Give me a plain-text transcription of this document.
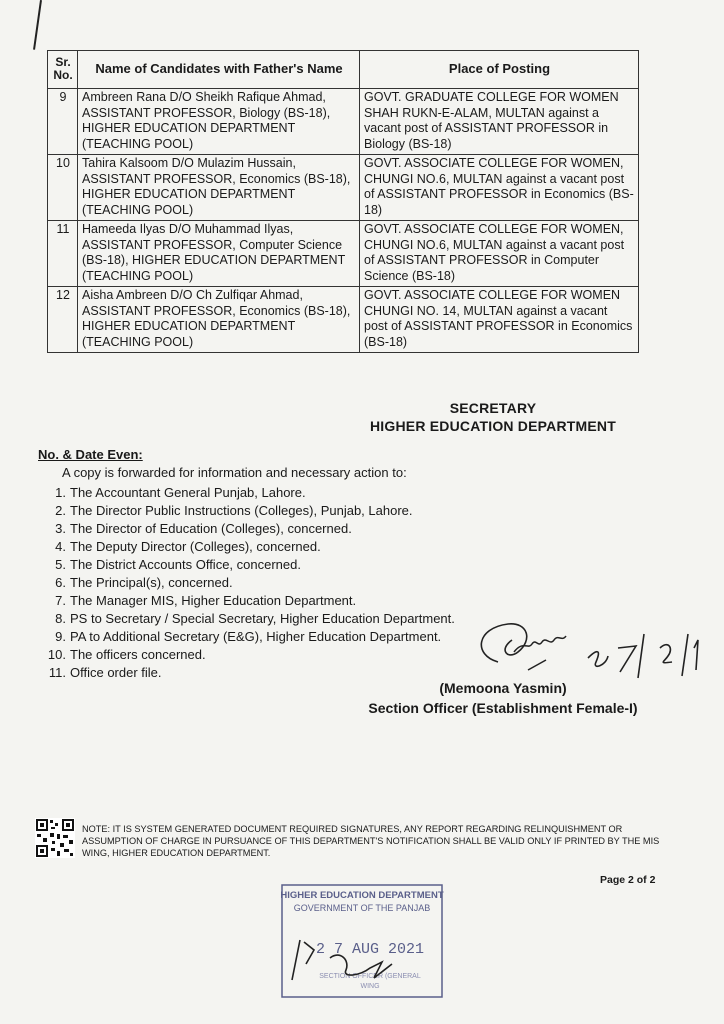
Sr.
No.	Name of Candidates with Father's Name	Place of Posting
9	Ambreen Rana D/O Sheikh Rafique Ahmad,
ASSISTANT PROFESSOR, Biology (BS-18),
HIGHER EDUCATION DEPARTMENT
(TEACHING POOL)	GOVT. GRADUATE COLLEGE FOR WOMEN
SHAH RUKN-E-ALAM, MULTAN against a
vacant post of ASSISTANT PROFESSOR in
Biology (BS-18)

10	Tahira Kalsoom D/O Mulazim Hussain,
ASSISTANT PROFESSOR, Economics (BS-18),
HIGHER EDUCATION DEPARTMENT
(TEACHING POOL)	GOVT. ASSOCIATE COLLEGE FOR WOMEN,
CHUNGI NO.6, MULTAN against a vacant post
of ASSISTANT PROFESSOR in Economics (BS-
18)

11	Hameeda Ilyas D/O Muhammad Ilyas,
ASSISTANT PROFESSOR, Computer Science
(BS-18), HIGHER EDUCATION DEPARTMENT
(TEACHING POOL)	GOVT. ASSOCIATE COLLEGE FOR WOMEN,
CHUNGI NO.6, MULTAN against a vacant post
of ASSISTANT PROFESSOR in Computer
Science (BS-18)

12	Aisha Ambreen D/O Ch Zulfiqar Ahmad,
ASSISTANT PROFESSOR, Economics (BS-18),
HIGHER EDUCATION DEPARTMENT
(TEACHING POOL)	GOVT. ASSOCIATE COLLEGE FOR WOMEN
CHUNGI NO. 14, MULTAN against a vacant
post of ASSISTANT PROFESSOR in Economics
(BS-18)
SECRETARY
HIGHER EDUCATION DEPARTMENT
No. & Date Even:
A copy is forwarded for information and necessary action to:
1. The Accountant General Punjab, Lahore.
2. The Director Public Instructions (Colleges), Punjab, Lahore.
3. The Director of Education (Colleges), concerned.
4. The Deputy Director (Colleges), concerned.
5. The District Accounts Office, concerned.
6. The Principal(s), concerned.
7. The Manager MIS, Higher Education Department.
8. PS to Secretary / Special Secretary, Higher Education Department.
9. PA to Additional Secretary (E&G), Higher Education Department.
10. The officers concerned.
11. Office order file.
(Memoona Yasmin)
Section Officer (Establishment Female-I)
NOTE: IT IS SYSTEM GENERATED DOCUMENT REQUIRED SIGNATURES, ANY REPORT REGARDING RELINQUISHMENT OR ASSUMPTION OF CHARGE IN PURSUANCE OF THIS DEPARTMENT'S NOTIFICATION SHALL BE VALID ONLY IF PRINTED BY THE MIS WING, HIGHER EDUCATION DEPARTMENT.
Page 2 of 2
HIGHER EDUCATION DEPARTMENT
GOVERNMENT OF THE PANJAB
2 7 AUG 2021
SECTION OFFICER (GENERAL
WING
